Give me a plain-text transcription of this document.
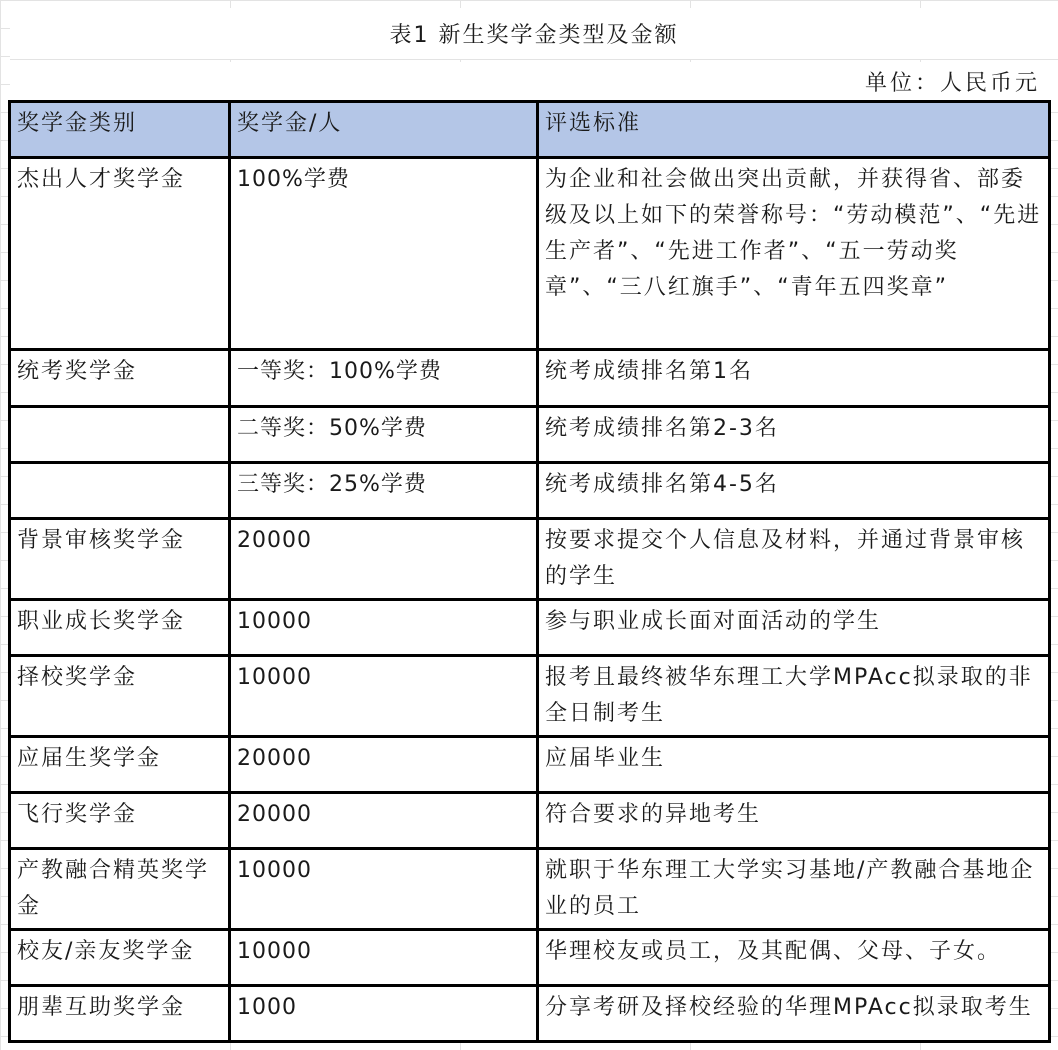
表1 新生奖学金类型及金额
单位：人民币元
奖学金类别	奖学金/人	评选标准
杰出人才奖学金	100%学费	为企业和社会做出突出贡献，并获得省、部委级及以上如下的荣誉称号：“劳动模范”、“先进生产者”、“先进工作者”、“五一劳动奖章”、“三八红旗手”、“青年五四奖章”
统考奖学金	一等奖：100%学费	统考成绩排名第1名
	二等奖：50%学费	统考成绩排名第2-3名
	三等奖：25%学费	统考成绩排名第4-5名
背景审核奖学金	20000	按要求提交个人信息及材料，并通过背景审核的学生
职业成长奖学金	10000	参与职业成长面对面活动的学生
择校奖学金	10000	报考且最终被华东理工大学MPAcc拟录取的非全日制考生
应届生奖学金	20000	应届毕业生
飞行奖学金	20000	符合要求的异地考生
产教融合精英奖学金	10000	就职于华东理工大学实习基地/产教融合基地企业的员工
校友/亲友奖学金	10000	华理校友或员工，及其配偶、父母、子女。
朋辈互助奖学金	1000	分享考研及择校经验的华理MPAcc拟录取考生
